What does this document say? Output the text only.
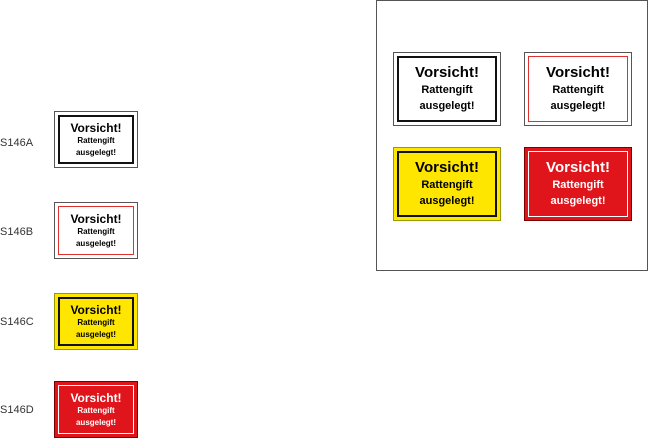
S146A
Vorsicht!
Rattengift
ausgelegt!
S146B
Vorsicht!
Rattengift
ausgelegt!
S146C
Vorsicht!
Rattengift
ausgelegt!
S146D
Vorsicht!
Rattengift
ausgelegt!
Vorsicht!
Rattengift
ausgelegt!
Vorsicht!
Rattengift
ausgelegt!
Vorsicht!
Rattengift
ausgelegt!
Vorsicht!
Rattengift
ausgelegt!
